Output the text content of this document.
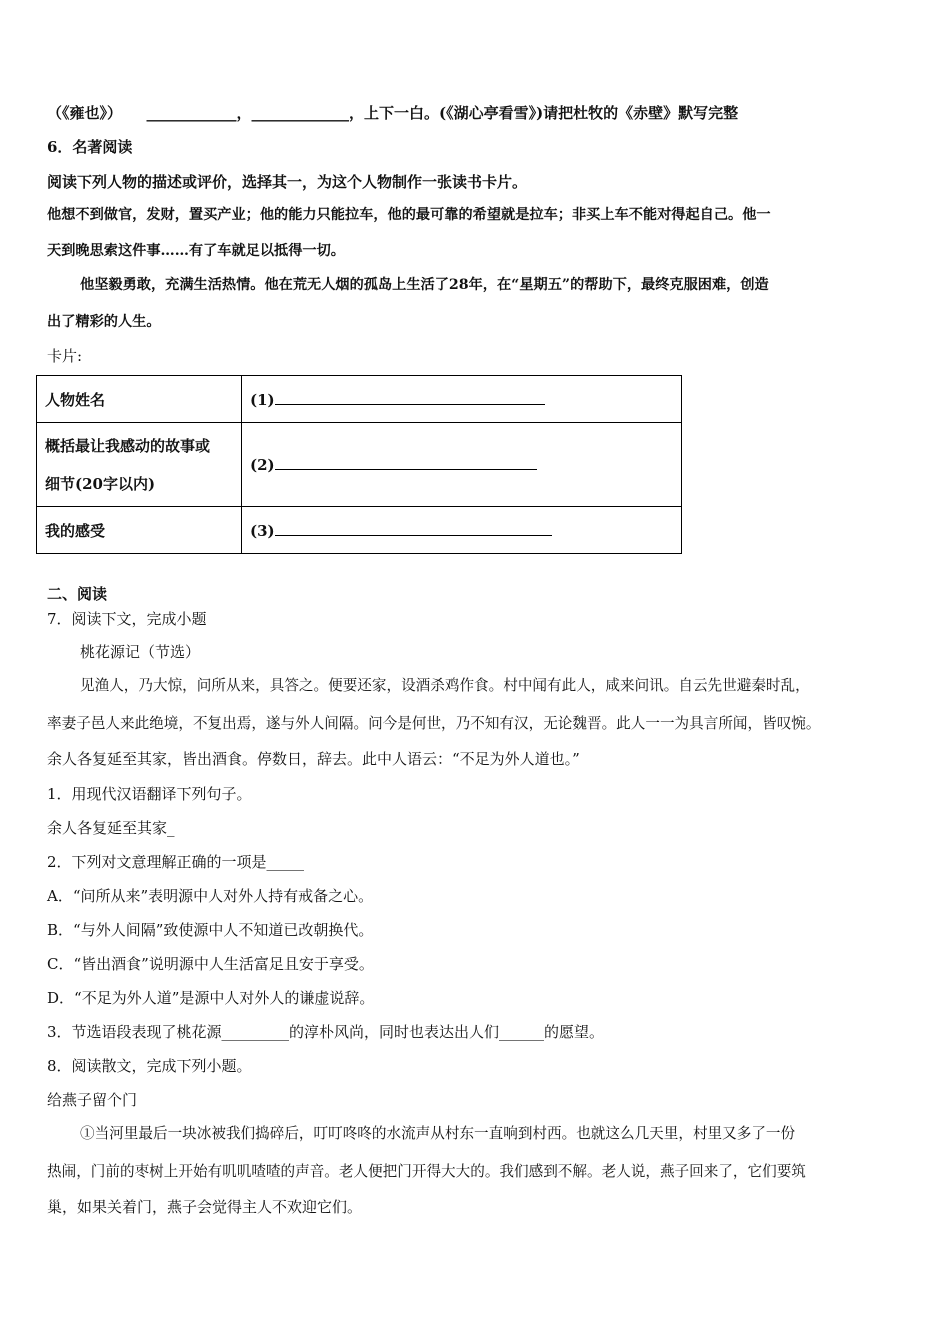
（《雍也》） ____________，_____________，上下一白。(《湖心亭看雪》)请把杜牧的《赤壁》默写完整
6．名著阅读
阅读下列人物的描述或评价，选择其一，为这个人物制作一张读书卡片。
他想不到做官，发财，置买产业；他的能力只能拉车，他的最可靠的希望就是拉车；非买上车不能对得起自己。他一
天到晚思索这件事……有了车就足以抵得一切。
他坚毅勇敢，充满生活热情。他在荒无人烟的孤岛上生活了28年，在“星期五”的帮助下，最终克服困难，创造
出了精彩的人生。
卡片:
人物姓名	(1)

概括最让我感动的故事或
细节(20字以内)	(2)
我的感受	(3)
二、阅读
7．阅读下文，完成小题
桃花源记（节选）
见渔人，乃大惊，问所从来，具答之。便要还家，设酒杀鸡作食。村中闻有此人，咸来问讯。自云先世避秦时乱，
率妻子邑人来此绝境，不复出焉，遂与外人间隔。问今是何世，乃不知有汉，无论魏晋。此人一一为具言所闻，皆叹惋。
余人各复延至其家，皆出酒食。停数日，辞去。此中人语云：“不足为外人道也。”
1．用现代汉语翻译下列句子。
余人各复延至其家_
2．下列对文意理解正确的一项是_____
A．“问所从来”表明源中人对外人持有戒备之心。
B．“与外人间隔”致使源中人不知道已改朝换代。
C．“皆出酒食”说明源中人生活富足且安于享受。
D．“不足为外人道”是源中人对外人的谦虚说辞。
3．节选语段表现了桃花源_________的淳朴风尚，同时也表达出人们______的愿望。
8．阅读散文，完成下列小题。
给燕子留个门
①当河里最后一块冰被我们捣碎后，叮叮咚咚的水流声从村东一直响到村西。也就这么几天里，村里又多了一份
热闹，门前的枣树上开始有叽叽喳喳的声音。老人便把门开得大大的。我们感到不解。老人说，燕子回来了，它们要筑
巢，如果关着门，燕子会觉得主人不欢迎它们。
